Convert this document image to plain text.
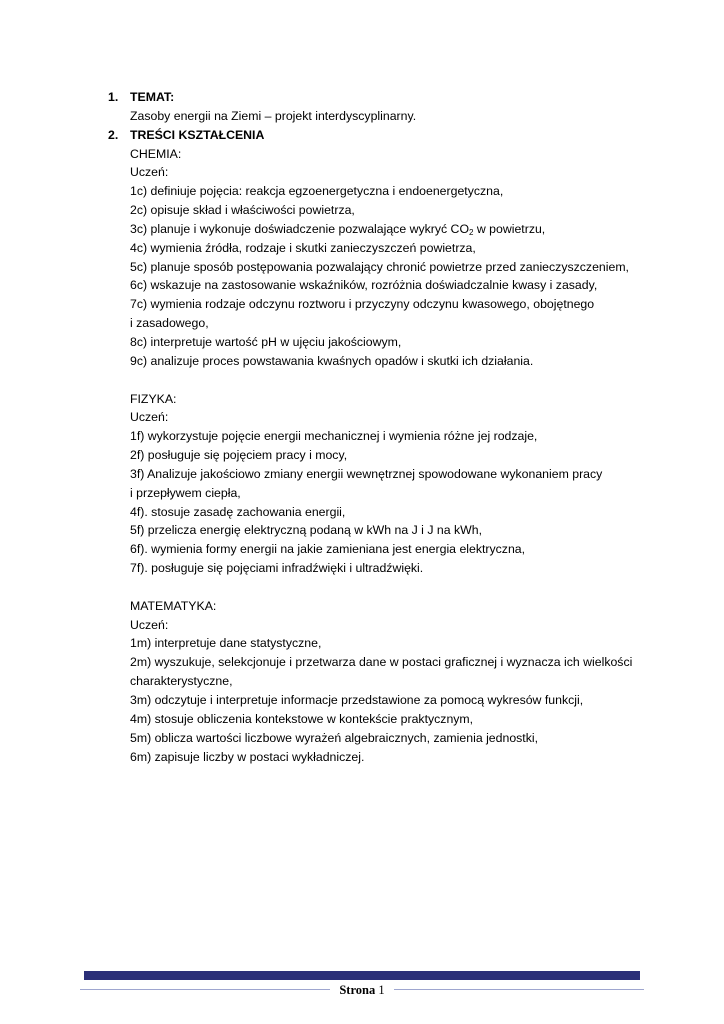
1. TEMAT:
Zasoby energii na Ziemi – projekt interdyscyplinarny.
2. TREŚCI KSZTAŁCENIA
CHEMIA:
Uczeń:
1c) definiuje pojęcia: reakcja egzoenergetyczna i endoenergetyczna,
2c) opisuje skład i właściwości powietrza,
3c) planuje i wykonuje doświadczenie pozwalające wykryć $CO_2$ w powietrzu,
4c) wymienia źródła, rodzaje i skutki zanieczyszczeń powietrza,
5c) planuje sposób postępowania pozwalający chronić powietrze przed zanieczyszczeniem,
6c) wskazuje na zastosowanie wskaźników, rozróżnia doświadczalnie kwasy i zasady,
7c) wymienia rodzaje odczynu roztworu i przyczyny odczynu kwasowego, obojętnego
i zasadowego,
8c) interpretuje wartość pH w ujęciu jakościowym,
9c) analizuje proces powstawania kwaśnych opadów i skutki ich działania.
FIZYKA:
Uczeń:
1f) wykorzystuje pojęcie energii mechanicznej i wymienia różne jej rodzaje,
2f) posługuje się pojęciem pracy i mocy,
3f) Analizuje jakościowo zmiany energii wewnętrznej spowodowane wykonaniem pracy
i przepływem ciepła,
4f). stosuje zasadę zachowania energii,
5f) przelicza energię elektryczną podaną w kWh na J i J na kWh,
6f). wymienia formy energii na jakie zamieniana jest energia elektryczna,
7f). posługuje się pojęciami infradźwięki i ultradźwięki.
MATEMATYKA:
Uczeń:
1m) interpretuje dane statystyczne,
2m) wyszukuje, selekcjonuje i przetwarza dane w postaci graficznej i wyznacza ich wielkości
charakterystyczne,
3m) odczytuje i interpretuje informacje przedstawione za pomocą wykresów funkcji,
4m) stosuje obliczenia kontekstowe w kontekście praktycznym,
5m) oblicza wartości liczbowe wyrażeń algebraicznych, zamienia jednostki,
6m) zapisuje liczby w postaci wykładniczej.
Strona 1
